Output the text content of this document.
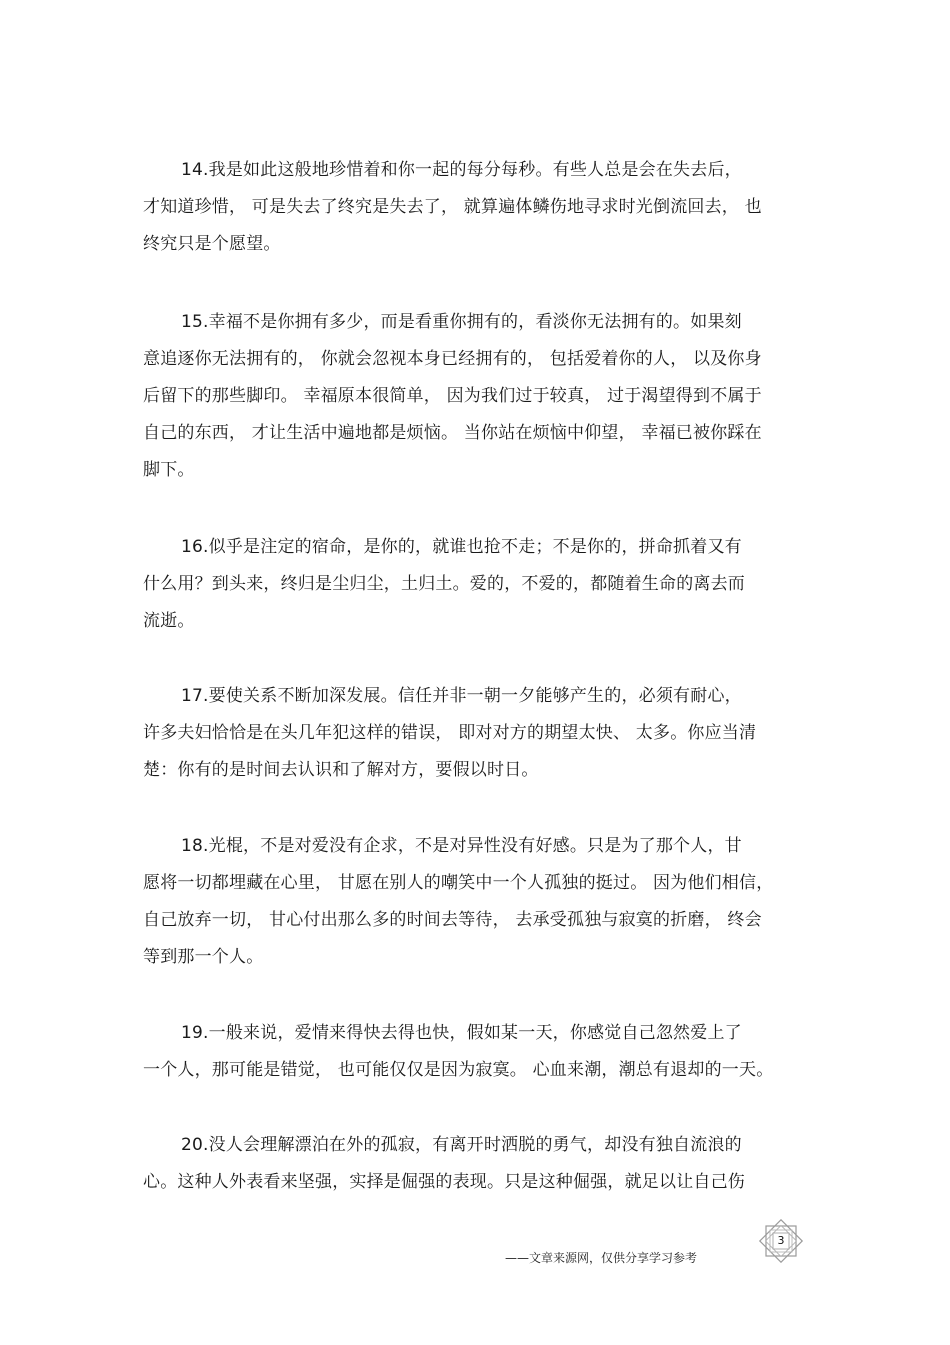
14.我是如此这般地珍惜着和你一起的每分每秒。有些人总是会在失去后，
才知道珍惜， 可是失去了终究是失去了， 就算遍体鳞伤地寻求时光倒流回去， 也
终究只是个愿望。
15.幸福不是你拥有多少，而是看重你拥有的，看淡你无法拥有的。如果刻
意追逐你无法拥有的， 你就会忽视本身已经拥有的， 包括爱着你的人， 以及你身
后留下的那些脚印。 幸福原本很简单， 因为我们过于较真， 过于渴望得到不属于
自己的东西， 才让生活中遍地都是烦恼。 当你站在烦恼中仰望， 幸福已被你踩在
脚下。
16.似乎是注定的宿命，是你的，就谁也抢不走；不是你的，拼命抓着又有
什么用？到头来，终归是尘归尘，土归土。爱的，不爱的，都随着生命的离去而
流逝。
17.要使关系不断加深发展。信任并非一朝一夕能够产生的，必须有耐心，
许多夫妇恰恰是在头几年犯这样的错误， 即对对方的期望太快、 太多。你应当清
楚：你有的是时间去认识和了解对方，要假以时日。
18.光棍，不是对爱没有企求，不是对异性没有好感。只是为了那个人，甘
愿将一切都埋藏在心里， 甘愿在别人的嘲笑中一个人孤独的挺过。 因为他们相信，
自己放弃一切， 甘心付出那么多的时间去等待， 去承受孤独与寂寞的折磨， 终会
等到那一个人。
19.一般来说，爱情来得快去得也快，假如某一天，你感觉自己忽然爱上了
一个人，那可能是错觉， 也可能仅仅是因为寂寞。 心血来潮，潮总有退却的一天。
20.没人会理解漂泊在外的孤寂，有离开时洒脱的勇气，却没有独自流浪的
心。这种人外表看来坚强，实择是倔强的表现。只是这种倔强，就足以让自己伤
——文章来源网，仅供分享学习参考
3
